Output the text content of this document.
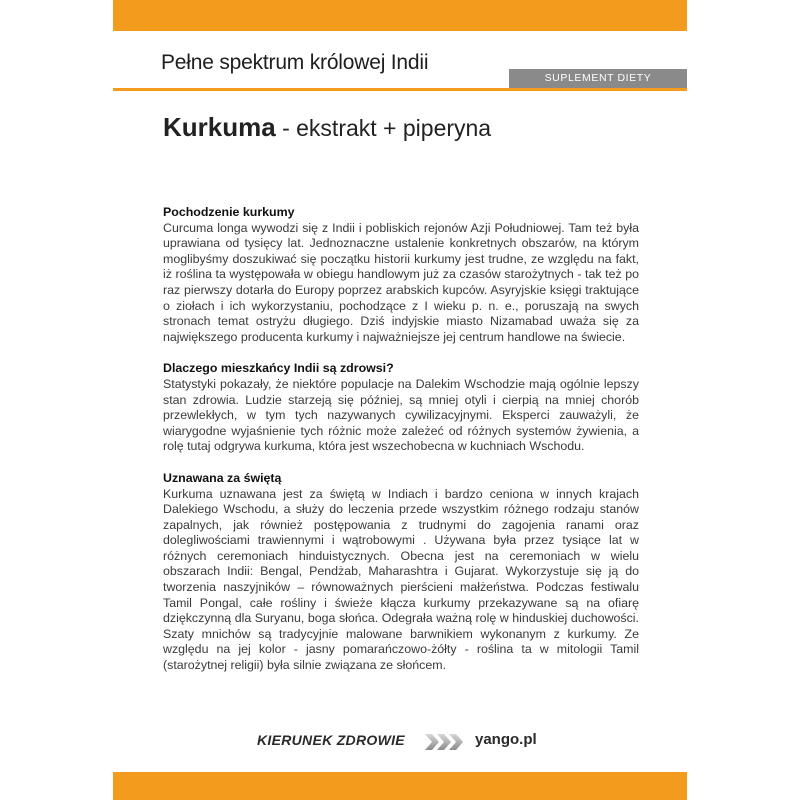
Pełne spektrum królowej Indii
SUPLEMENT DIETY
Kurkuma - ekstrakt + piperyna
Pochodzenie kurkumy

Curcuma longa wywodzi się z Indii i pobliskich rejonów Azji Południowej. Tam też była uprawiana od tysięcy lat. Jednoznaczne ustalenie konkretnych obszarów, na którym moglibyśmy doszukiwać się początku historii kurkumy jest trudne, ze względu na fakt, iż roślina ta występowała w obiegu handlowym już za czasów starożytnych - tak też po raz pierwszy dotarła do Europy poprzez arabskich kupców. Asyryjskie księgi traktujące o ziołach i ich wykorzystaniu, pochodzące z I wieku p. n. e., poruszają na swych stronach temat ostryżu długiego. Dziś indyjskie miasto Nizamabad uważa się za największego producenta kurkumy i najważniejsze jej centrum handlowe na świecie.

Dlaczego mieszkańcy Indii są zdrowsi?

Statystyki pokazały, że niektóre populacje na Dalekim Wschodzie mają ogólnie lepszy stan zdrowia. Ludzie starzeją się później, są mniej otyli i cierpią na mniej chorób przewlekłych, w tym tych nazywanych cywilizacyjnymi. Eksperci zauważyli, że wiarygodne wyjaśnienie tych różnic może zależeć od różnych systemów żywienia, a rolę tutaj odgrywa kurkuma, która jest wszechobecna w kuchniach Wschodu.

Uznawana za świętą

Kurkuma uznawana jest za świętą w Indiach i bardzo ceniona w innych krajach Dalekiego Wschodu, a służy do leczenia przede wszystkim różnego rodzaju stanów zapalnych, jak również postępowania z trudnymi do zagojenia ranami oraz dolegliwościami trawiennymi i wątrobowymi . Używana była przez tysiące lat w różnych ceremoniach hinduistycznych. Obecna jest na ceremoniach w wielu obszarach Indii: Bengal, Pendżab, Maharashtra i Gujarat. Wykorzystuje się ją do tworzenia naszyjników – równoważnych pierścieni małżeństwa. Podczas festiwalu Tamil Pongal, całe rośliny i świeże kłącza kurkumy przekazywane są na ofiarę dziękczynną dla Suryanu, boga słońca. Odegrała ważną rolę w hinduskiej duchowości. Szaty mnichów są tradycyjnie malowane barwnikiem wykonanym z kurkumy. Ze względu na jej kolor - jasny pomarańczowo-żółty - roślina ta w mitologii Tamil (starożytnej religii) była silnie związana ze słońcem.

KIERUNEK ZDROWIE	yango.pl
